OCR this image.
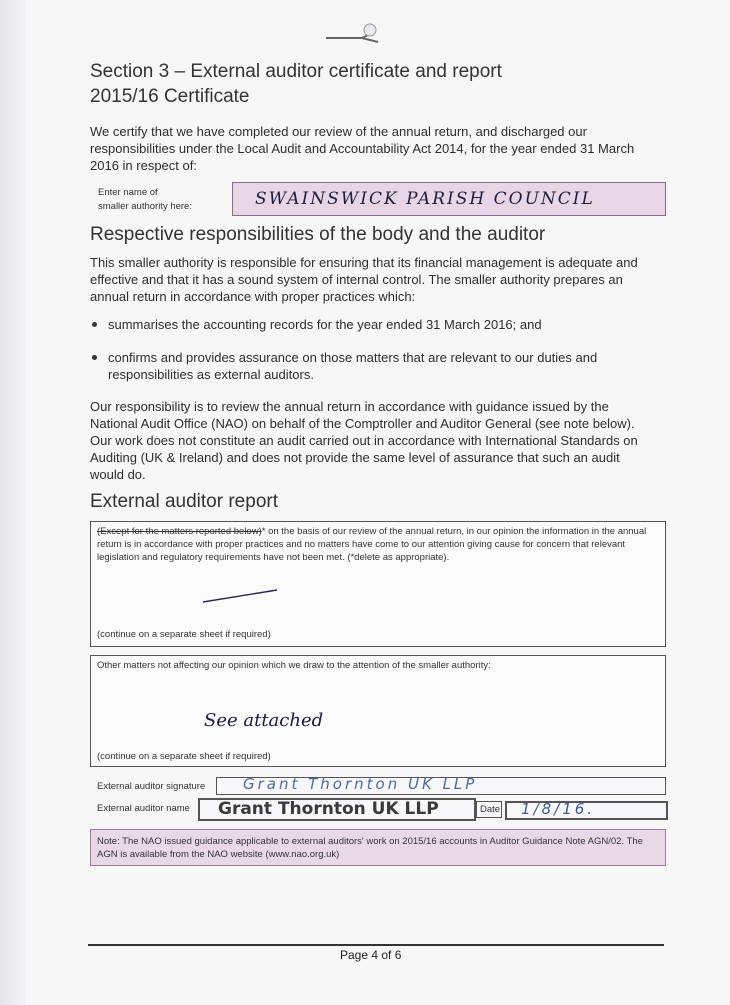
Section 3 – External auditor certificate and report
2015/16 Certificate
We certify that we have completed our review of the annual return, and discharged our responsibilities under the Local Audit and Accountability Act 2014, for the year ended 31 March 2016 in respect of:
Enter name of
smaller authority here:	SWAINSWICK PARISH COUNCIL
Respective responsibilities of the body and the auditor
This smaller authority is responsible for ensuring that its financial management is adequate and effective and that it has a sound system of internal control. The smaller authority prepares an annual return in accordance with proper practices which:
summarises the accounting records for the year ended 31 March 2016; and
confirms and provides assurance on those matters that are relevant to our duties and responsibilities as external auditors.
Our responsibility is to review the annual return in accordance with guidance issued by the National Audit Office (NAO) on behalf of the Comptroller and Auditor General (see note below). Our work does not constitute an audit carried out in accordance with International Standards on Auditing (UK & Ireland) and does not provide the same level of assurance that such an audit would do.
External auditor report
(Except for the matters reported below)* on the basis of our review of the annual return, in our opinion the information in the annual return is in accordance with proper practices and no matters have come to our attention giving cause for concern that relevant legislation and regulatory requirements have not been met. (*delete as appropriate).
(continue on a separate sheet if required)
Other matters not affecting our opinion which we draw to the attention of the smaller authority:
See attached
(continue on a separate sheet if required)
External auditor signature	Grant Thornton UK LLP
External auditor name Grant Thornton UK LLP	Date 1/8/16.
Note: The NAO issued guidance applicable to external auditors' work on 2015/16 accounts in Auditor Guidance Note AGN/02. The AGN is available from the NAO website (www.nao.org.uk)
Page 4 of 6
